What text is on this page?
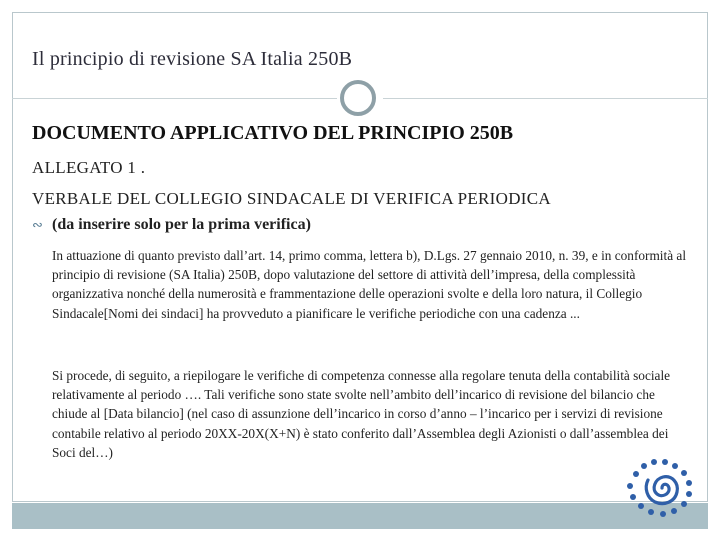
Il principio di revisione SA Italia 250B
DOCUMENTO APPLICATIVO DEL PRINCIPIO 250B
ALLEGATO 1 .
VERBALE DEL COLLEGIO SINDACALE DI VERIFICA PERIODICA
∾ (da inserire solo per la prima verifica)
In attuazione di quanto previsto dall’art. 14, primo comma, lettera b), D.Lgs. 27 gennaio 2010, n. 39, e in conformità al principio di revisione (SA Italia) 250B, dopo valutazione del settore di attività dell’impresa, della complessità organizzativa nonché della numerosità e frammentazione delle operazioni svolte e della loro natura, il Collegio Sindacale[Nomi dei sindaci] ha provveduto a pianificare le verifiche periodiche con una cadenza ...
Si procede, di seguito, a riepilogare le verifiche di competenza connesse alla regolare tenuta della contabilità sociale relativamente al periodo …. Tali verifiche sono state svolte nell’ambito dell’incarico di revisione del bilancio che chiude al [Data bilancio] (nel caso di assunzione dell’incarico in corso d’anno – l’incarico per i servizi di revisione contabile relativo al periodo 20XX-20X(X+N) è stato conferito dall’Assemblea degli Azionisti o dall’assemblea dei Soci del…)
